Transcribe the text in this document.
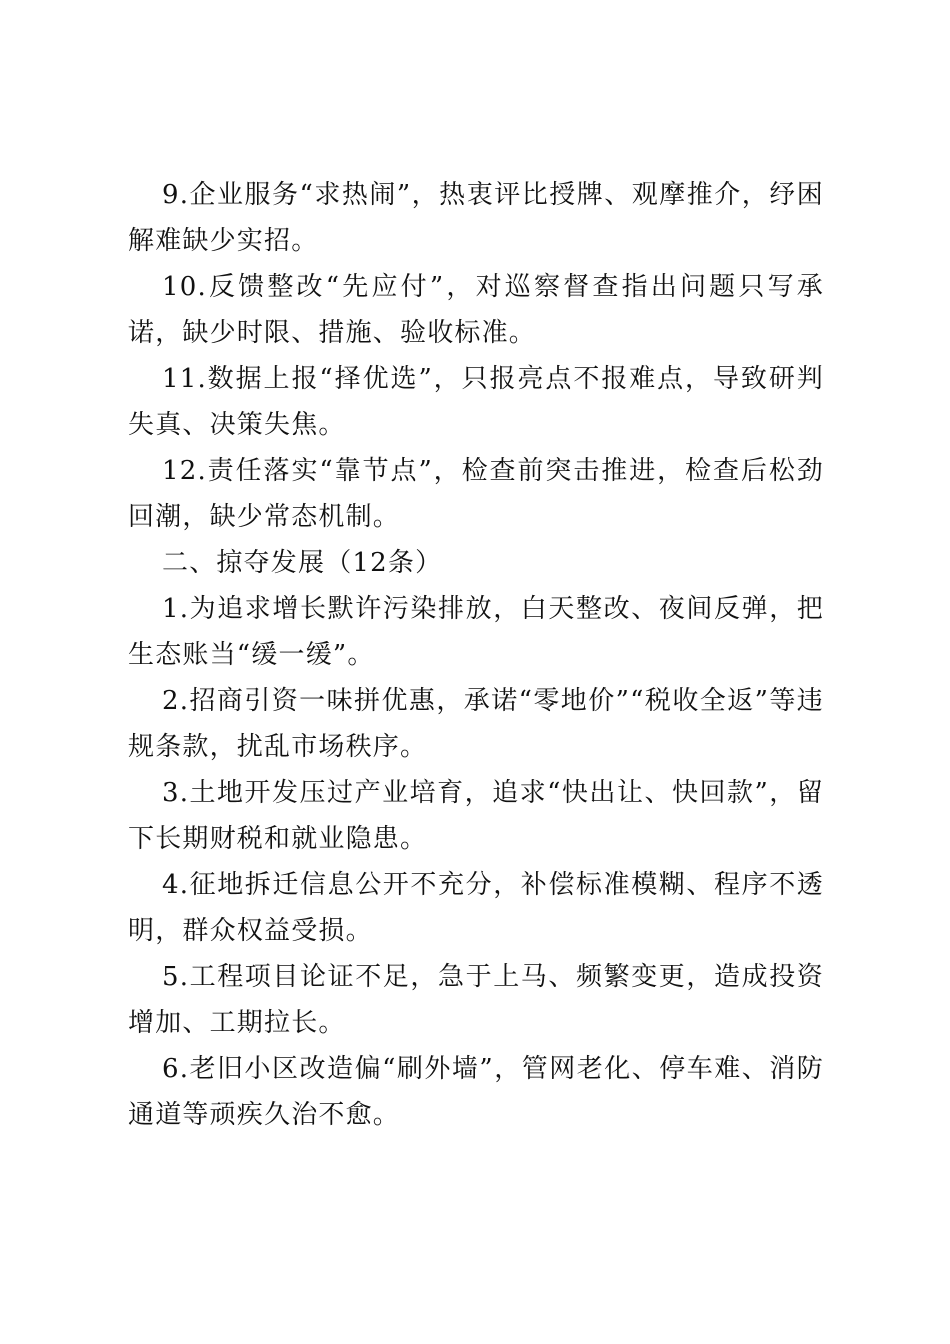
9.企业服务“求热闹”，热衷评比授牌、观摩推介，纾困解难缺少实招。

10.反馈整改“先应付”，对巡察督查指出问题只写承诺，缺少时限、措施、验收标准。

11.数据上报“择优选”，只报亮点不报难点，导致研判失真、决策失焦。

12.责任落实“靠节点”，检查前突击推进，检查后松劲回潮，缺少常态机制。

二、掠夺发展（12条）

1.为追求增长默许污染排放，白天整改、夜间反弹，把生态账当“缓一缓”。

2.招商引资一味拼优惠，承诺“零地价”“税收全返”等违规条款，扰乱市场秩序。

3.土地开发压过产业培育，追求“快出让、快回款”，留下长期财税和就业隐患。

4.征地拆迁信息公开不充分，补偿标准模糊、程序不透明，群众权益受损。

5.工程项目论证不足，急于上马、频繁变更，造成投资增加、工期拉长。

6.老旧小区改造偏“刷外墙”，管网老化、停车难、消防通道等顽疾久治不愈。
